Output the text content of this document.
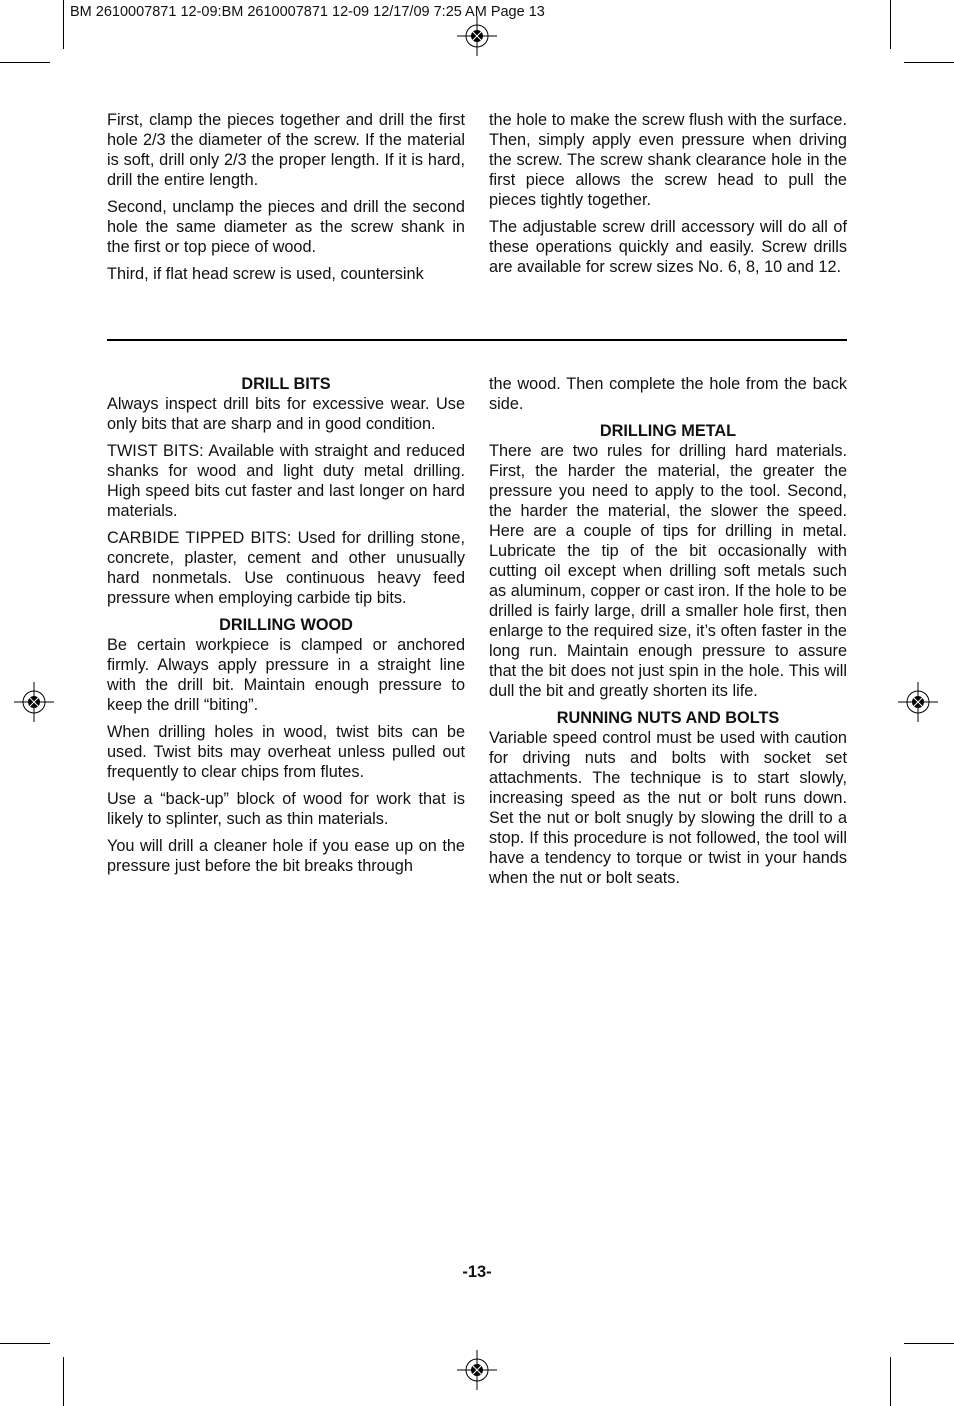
BM 2610007871 12-09:BM 2610007871 12-09 12/17/09 7:25 AM Page 13

First, clamp the pieces together and drill the first hole 2/3 the diameter of the screw. If the material is soft, drill only 2/3 the proper length. If it is hard, drill the entire length.

Second, unclamp the pieces and drill the second hole the same diameter as the screw shank in the first or top piece of wood.

Third, if flat head screw is used, countersink

the hole to make the screw flush with the surface. Then, simply apply even pressure when driving the screw. The screw shank clearance hole in the first piece allows the screw head to pull the pieces tightly together.

The adjustable screw drill accessory will do all of these operations quickly and easily. Screw drills are available for screw sizes No. 6, 8, 10 and 12.

DRILL BITS

Always inspect drill bits for excessive wear. Use only bits that are sharp and in good condition.

TWIST BITS: Available with straight and reduced shanks for wood and light duty metal drilling. High speed bits cut faster and last longer on hard materials.

CARBIDE TIPPED BITS: Used for drilling stone, concrete, plaster, cement and other unusually hard nonmetals. Use continuous heavy feed pressure when employing carbide tip bits.

DRILLING WOOD

Be certain workpiece is clamped or anchored firmly. Always apply pressure in a straight line with the drill bit. Maintain enough pressure to keep the drill “biting”.

When drilling holes in wood, twist bits can be used. Twist bits may overheat unless pulled out frequently to clear chips from flutes.

Use a “back-up” block of wood for work that is likely to splinter, such as thin materials.

You will drill a cleaner hole if you ease up on the pressure just before the bit breaks through

the wood. Then complete the hole from the back side.

DRILLING METAL

There are two rules for drilling hard materials. First, the harder the material, the greater the pressure you need to apply to the tool. Second, the harder the material, the slower the speed. Here are a couple of tips for drilling in metal. Lubricate the tip of the bit occasionally with cutting oil except when drilling soft metals such as aluminum, copper or cast iron. If the hole to be drilled is fairly large, drill a smaller hole first, then enlarge to the required size, it’s often faster in the long run. Maintain enough pressure to assure that the bit does not just spin in the hole. This will dull the bit and greatly shorten its life.

RUNNING NUTS AND BOLTS

Variable speed control must be used with caution for driving nuts and bolts with socket set attachments. The technique is to start slowly, increasing speed as the nut or bolt runs down. Set the nut or bolt snugly by slowing the drill to a stop. If this procedure is not followed, the tool will have a tendency to torque or twist in your hands when the nut or bolt seats.

-13-
